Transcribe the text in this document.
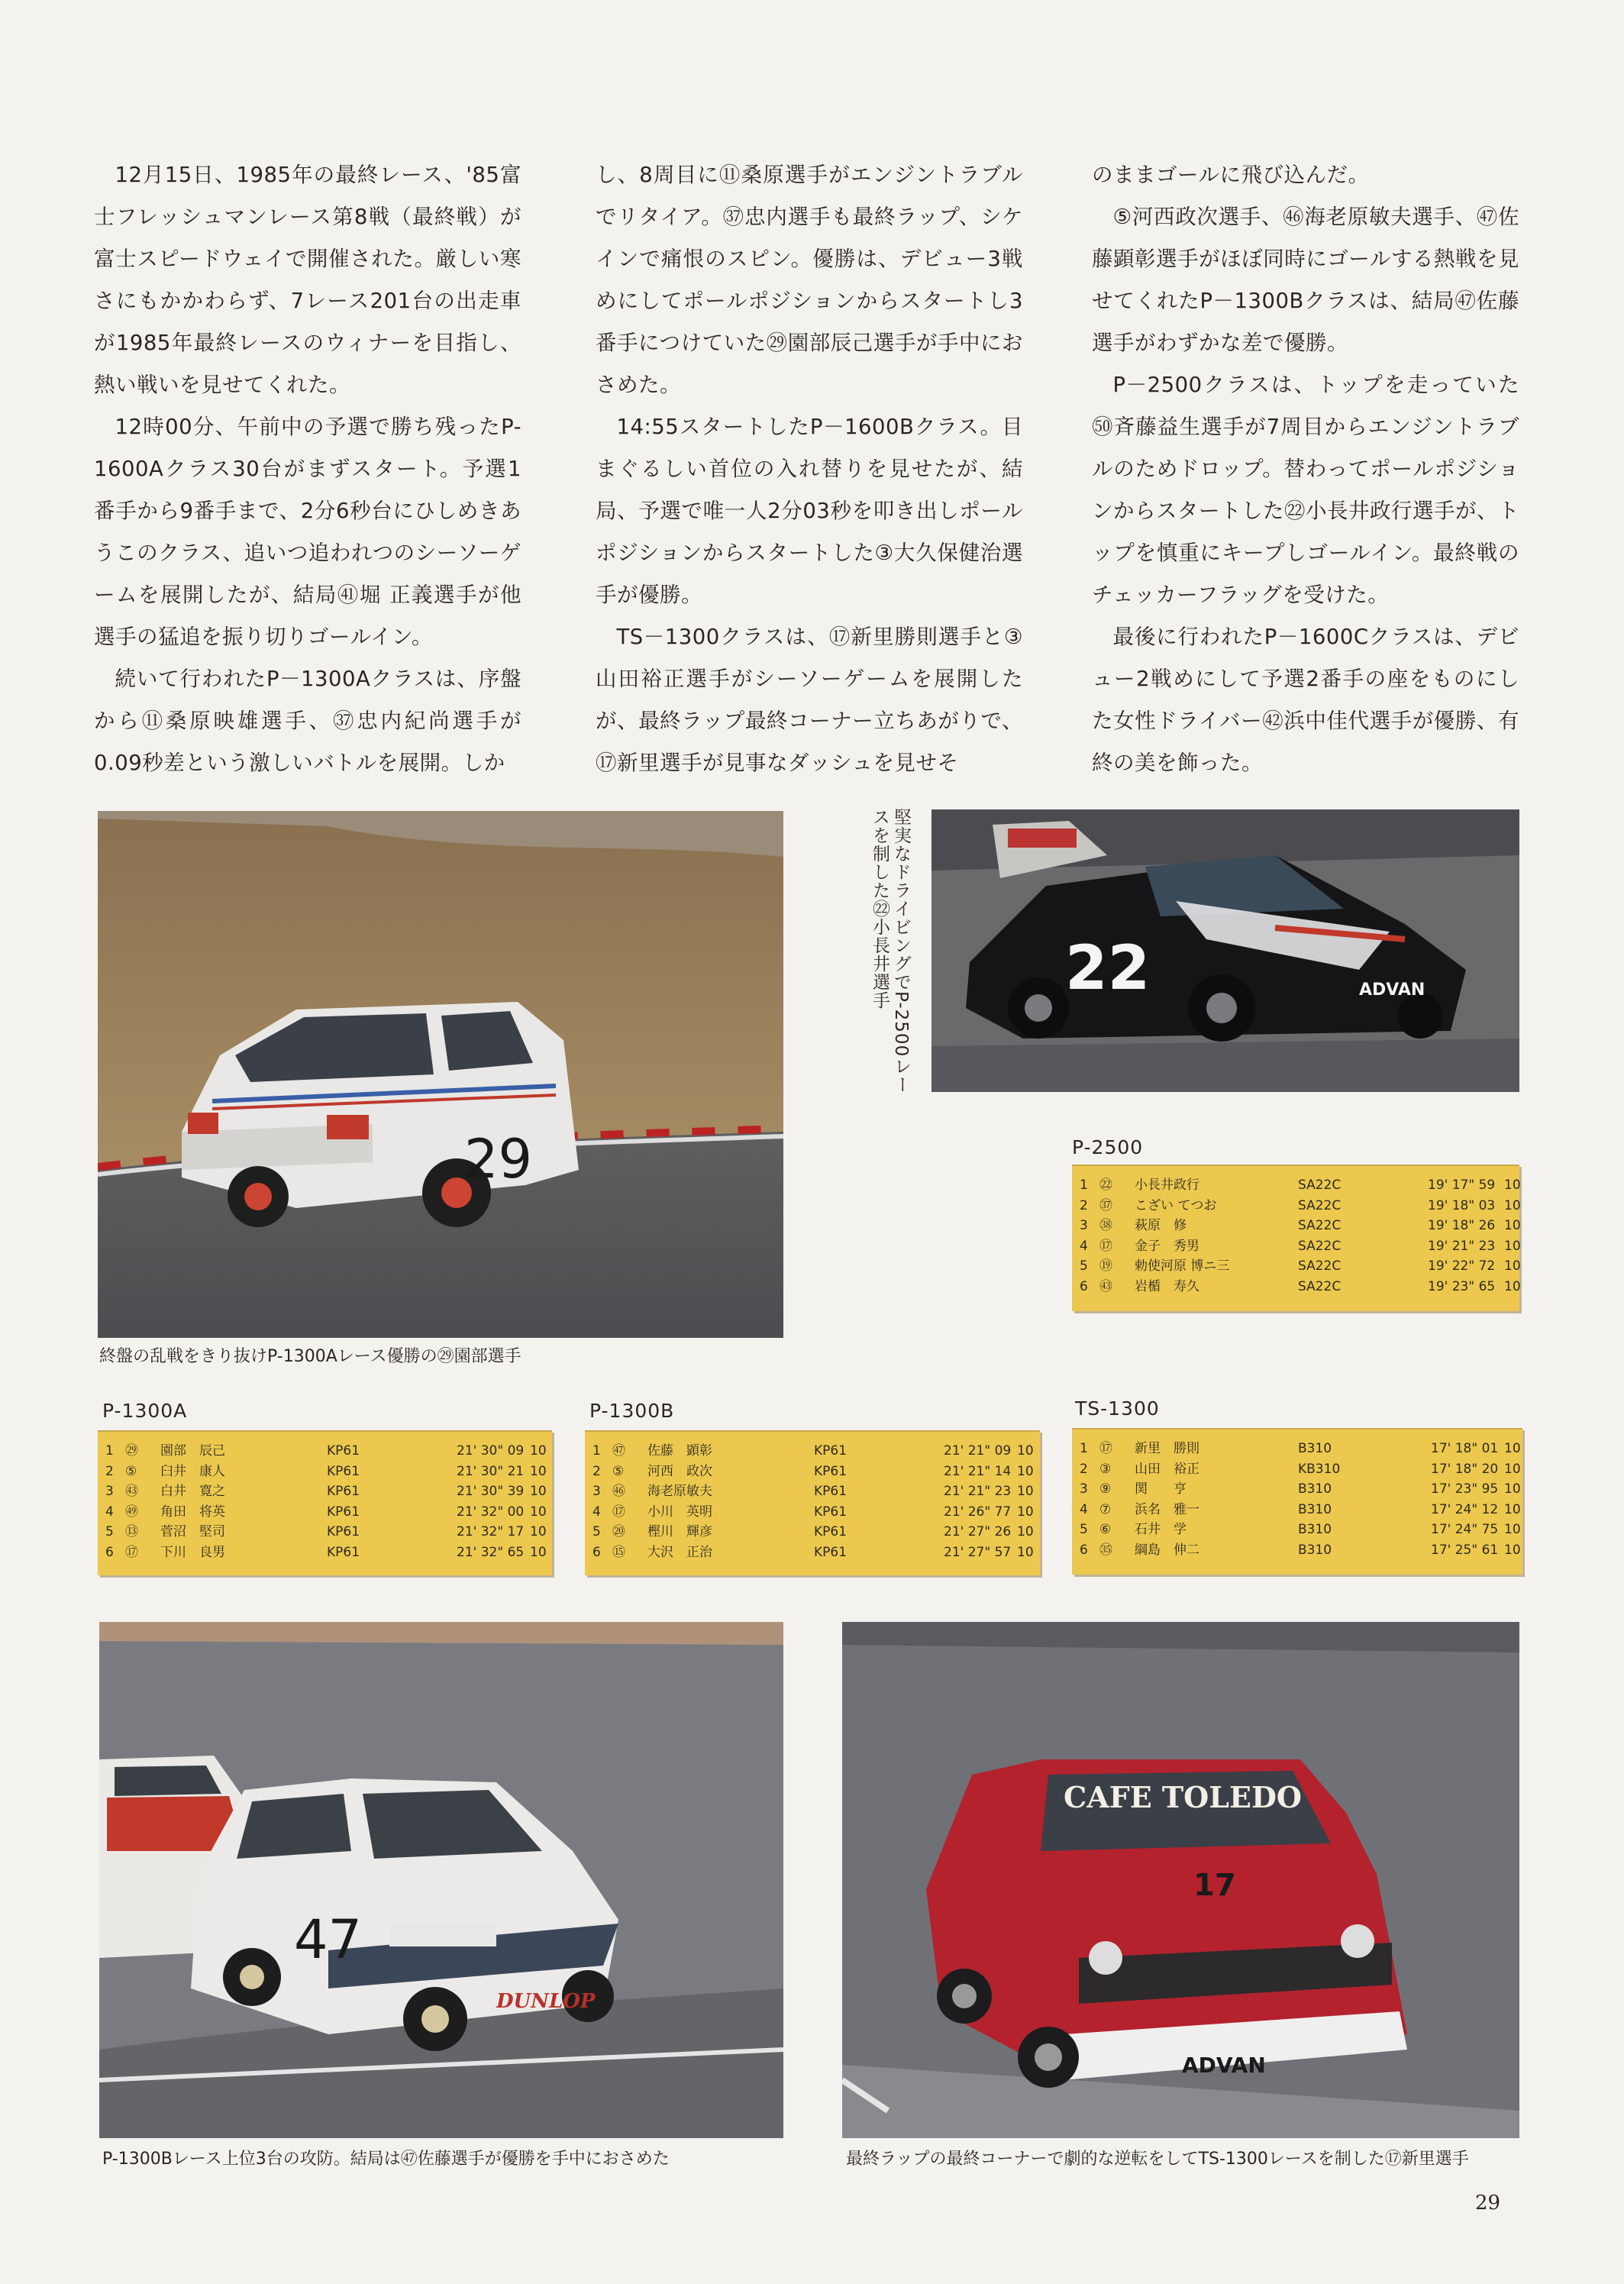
12月15日、1985年の最終レース、'85富士フレッシュマンレース第8戦（最終戦）が富士スピードウェイで開催された。厳しい寒さにもかかわらず、7レース201台の出走車が1985年最終レースのウィナーを目指し、熱い戦いを見せてくれた。

12時00分、午前中の予選で勝ち残ったP-1600Aクラス30台がまずスタート。予選1番手から9番手まで、2分6秒台にひしめきあうこのクラス、追いつ追われつのシーソーゲームを展開したが、結局㊶堀 正義選手が他選手の猛追を振り切りゴールイン。

続いて行われたP－1300Aクラスは、序盤から⑪桑原映雄選手、㊲忠内紀尚選手が0.09秒差という激しいバトルを展開。しか

し、8周目に⑪桑原選手がエンジントラブルでリタイア。㊲忠内選手も最終ラップ、シケインで痛恨のスピン。優勝は、デビュー3戦めにしてポールポジションからスタートし3番手につけていた㉙園部辰己選手が手中におさめた。

14:55スタートしたP－1600Bクラス。目まぐるしい首位の入れ替りを見せたが、結局、予選で唯一人2分03秒を叩き出しポールポジションからスタートした③大久保健治選手が優勝。

TS－1300クラスは、⑰新里勝則選手と③山田裕正選手がシーソーゲームを展開したが、最終ラップ最終コーナー立ちあがりで、⑰新里選手が見事なダッシュを見せそ

のままゴールに飛び込んだ。

⑤河西政次選手、㊻海老原敏夫選手、㊼佐藤顕彰選手がほぼ同時にゴールする熱戦を見せてくれたP－1300Bクラスは、結局㊼佐藤選手がわずかな差で優勝。

P－2500クラスは、トップを走っていた㊿斉藤益生選手が7周目からエンジントラブルのためドロップ。替わってポールポジションからスタートした㉒小長井政行選手が、トップを慎重にキープしゴールイン。最終戦のチェッカーフラッグを受けた。

最後に行われたP－1600Cクラスは、デビュー2戦めにして予選2番手の座をものにした女性ドライバー㊷浜中佳代選手が優勝、有終の美を飾った。

29
終盤の乱戦をきり抜けP-1300Aレース優勝の㉙園部選手
堅実なドライビングでP-2500レースを制した㉒小長井選手	22	ADVAN
P-2500
1 ㉒ 小長井政行	SA22C	19' 17" 59 10
2 ㊲ こざい てつお	SA22C	19' 18" 03 10
3 ㊳ 萩原　修	SA22C	19' 18" 26 10
4 ⑰ 金子　秀男	SA22C	19' 21" 23 10
5 ⑲ 勅使河原 博ニ三	SA22C	19' 22" 72 10
6 ㊸ 岩楯　寿久	SA22C	19' 23" 65 10
P-1300A
1 ㉙ 園部　辰己	KP61	21' 30" 09 10
2 ⑤ 臼井　康人	KP61	21' 30" 21 10
3 ㊸ 白井　寛之	KP61	21' 30" 39 10
4 ㊾ 角田　将英	KP61	21' 32" 00 10
5 ⑬ 菅沼　堅司	KP61	21' 32" 17 10
6 ⑰ 下川　良男	KP61	21' 32" 65 10
P-1300B
1 ㊼ 佐藤　顕彰	KP61	21' 21" 09 10
2 ⑤ 河西　政次	KP61	21' 21" 14 10
3 ㊻ 海老原敏夫	KP61	21' 21" 23 10
4 ⑰ 小川　英明	KP61	21' 26" 77 10
5 ⑳ 樫川　輝彦	KP61	21' 27" 26 10
6 ⑮ 大沢　正治	KP61	21' 27" 57 10
TS-1300
1 ⑰ 新里　勝則	B310	17' 18" 01 10
2 ③ 山田　裕正	KB310	17' 18" 20 10
3 ⑨ 関　　亨	B310	17' 23" 95 10
4 ⑦ 浜名　雅一	B310	17' 24" 12 10
5 ⑥ 石井　学	B310	17' 24" 75 10
6 ㉟ 綱島　伸二	B310	17' 25" 61 10
47
DUNLOP
P-1300Bレース上位3台の攻防。結局は㊼佐藤選手が優勝を手中におさめた
CAFE TOLEDO
17
ADVAN
最終ラップの最終コーナーで劇的な逆転をしてTS-1300レースを制した⑰新里選手
29
